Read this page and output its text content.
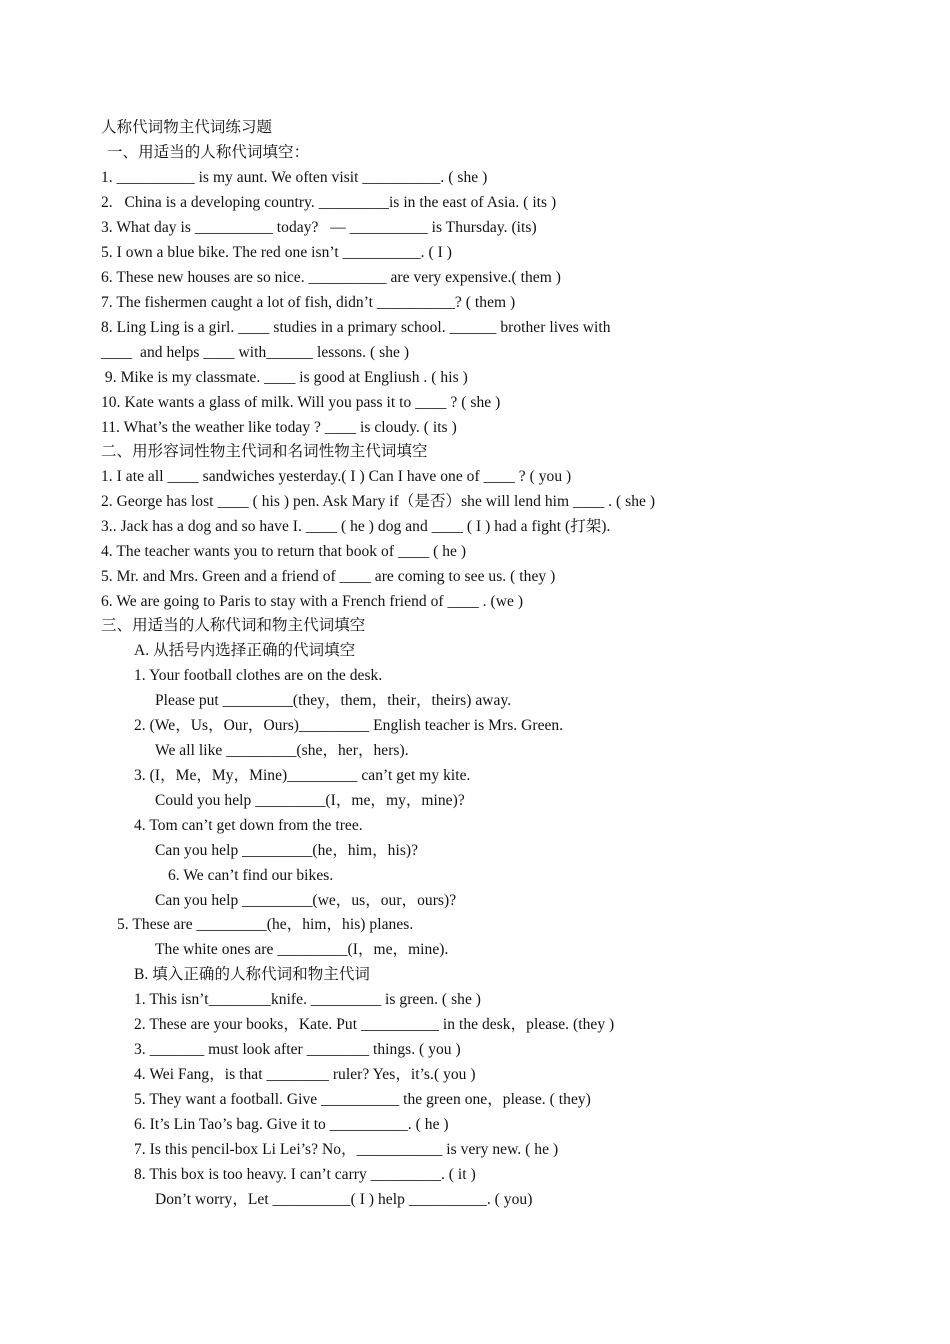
人称代词物主代词练习题
一、用适当的人称代词填空：
1. __________ is my aunt. We often visit __________. ( she )
2.   China is a developing country. _________is in the east of Asia. ( its )
3. What day is __________ today?   — __________ is Thursday. (its)
5. I own a blue bike. The red one isn’t __________. ( I )
6. These new houses are so nice. __________ are very expensive.( them )
7. The fishermen caught a lot of fish, didn’t __________? ( them )
8. Ling Ling is a girl. ____ studies in a primary school. ______ brother lives with
____  and helps ____ with______ lessons. ( she )
9. Mike is my classmate. ____ is good at Engliush . ( his )
10. Kate wants a glass of milk. Will you pass it to ____ ? ( she )
11. What’s the weather like today ? ____ is cloudy. ( its )
二、用形容词性物主代词和名词性物主代词填空
1. I ate all ____ sandwiches yesterday.( I ) Can I have one of ____ ? ( you )
2. George has lost ____ ( his ) pen. Ask Mary if（是否）she will lend him ____ . ( she )
3.. Jack has a dog and so have I. ____ ( he ) dog and ____ ( I ) had a fight (打架).
4. The teacher wants you to return that book of ____ ( he )
5. Mr. and Mrs. Green and a friend of ____ are coming to see us. ( they )
6. We are going to Paris to stay with a French friend of ____ . (we )
三、用适当的人称代词和物主代词填空
A. 从括号内选择正确的代词填空
1. Your football clothes are on the desk.
Please put _________(they，them，their，theirs) away.
2. (We，Us，Our，Ours)_________ English teacher is Mrs. Green.
We all like _________(she，her，hers).
3. (I，Me，My，Mine)_________ can’t get my kite.
Could you help _________(I，me，my，mine)?
4. Tom can’t get down from the tree.
Can you help _________(he，him，his)?
6. We can’t find our bikes.
Can you help _________(we，us，our，ours)?
5. These are _________(he，him，his) planes.
The white ones are _________(I，me，mine).
B. 填入正确的人称代词和物主代词
1. This isn’t________knife. _________ is green. ( she )
2. These are your books，Kate. Put __________ in the desk，please. (they )
3. _______ must look after ________ things. ( you )
4. Wei Fang，is that ________ ruler? Yes，it’s.( you )
5. They want a football. Give __________ the green one，please. ( they)
6. It’s Lin Tao’s bag. Give it to __________. ( he )
7. Is this pencil-box Li Lei’s? No，___________ is very new. ( he )
8. This box is too heavy. I can’t carry _________. ( it )
Don’t worry，Let __________( I ) help __________. ( you)
